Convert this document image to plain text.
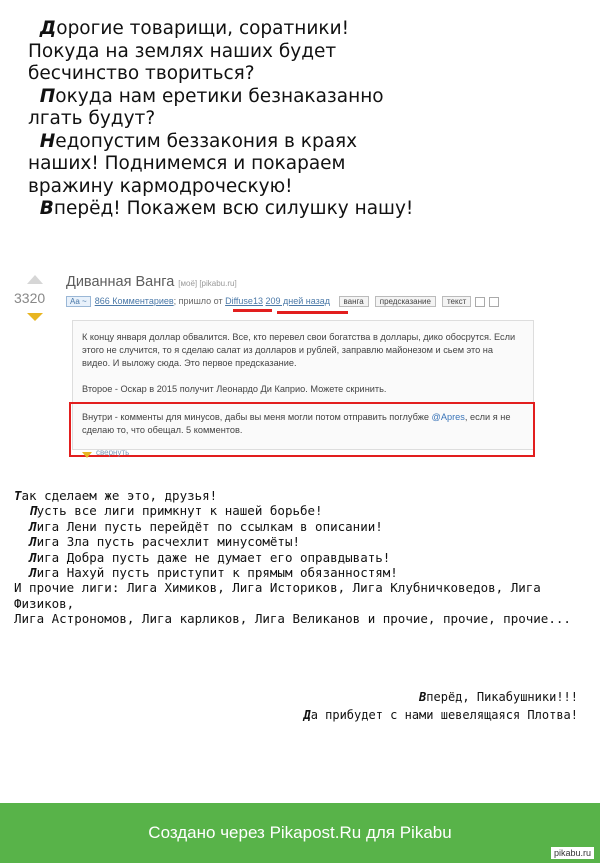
Дорогие товарищи, соратники!

Покуда на землях наших будет

бесчинство твориться?

Покуда нам еретики безнаказанно

лгать будут?

Недопустим беззакония в краях

наших! Поднимемся и покараем

вражину кармодроческую!

Вперёд! Покажем всю силушку нашу!

3320
Диванная Ванга [моё] [pikabu.ru]
Aa ~ 866 Комментариев; пришло от Diffuse13 209 дней назад ванга предсказание текст
К концу января доллар обвалится. Все, кто перевел свои богатства в доллары, дико обосрутся. Если этого не случится, то я сделаю салат из долларов и рублей, заправлю майонезом и сьем это на видео. И выложу сюда. Это первое предсказание.
Второе - Оскар в 2015 получит Леонардо Ди Каприо. Можете скринить.
Внутри - комменты для минусов, дабы вы меня могли потом отправить поглубже @Apres, если я не сделаю то, что обещал. 5 комментов.
свернуть

Так сделаем же это, друзья!

Пусть все лиги примкнут к нашей борьбе!

Лига Лени пусть перейдёт по ссылкам в описании!

Лига Зла пусть расчехлит минусомёты!

Лига Добра пусть даже не думает его оправдывать!

Лига Нахуй пусть приступит к прямым обязанностям!

И прочие лиги: Лига Химиков, Лига Историков, Лига Клубничковедов, Лига Физиков,

Лига Астрономов, Лига карликов, Лига Великанов и прочие, прочие, прочие...

Вперёд, Пикабушники!!!

Да прибудет с нами шевелящаяся Плотва!

Создано через Pikapost.Ru для Pikabu
pikabu.ru
